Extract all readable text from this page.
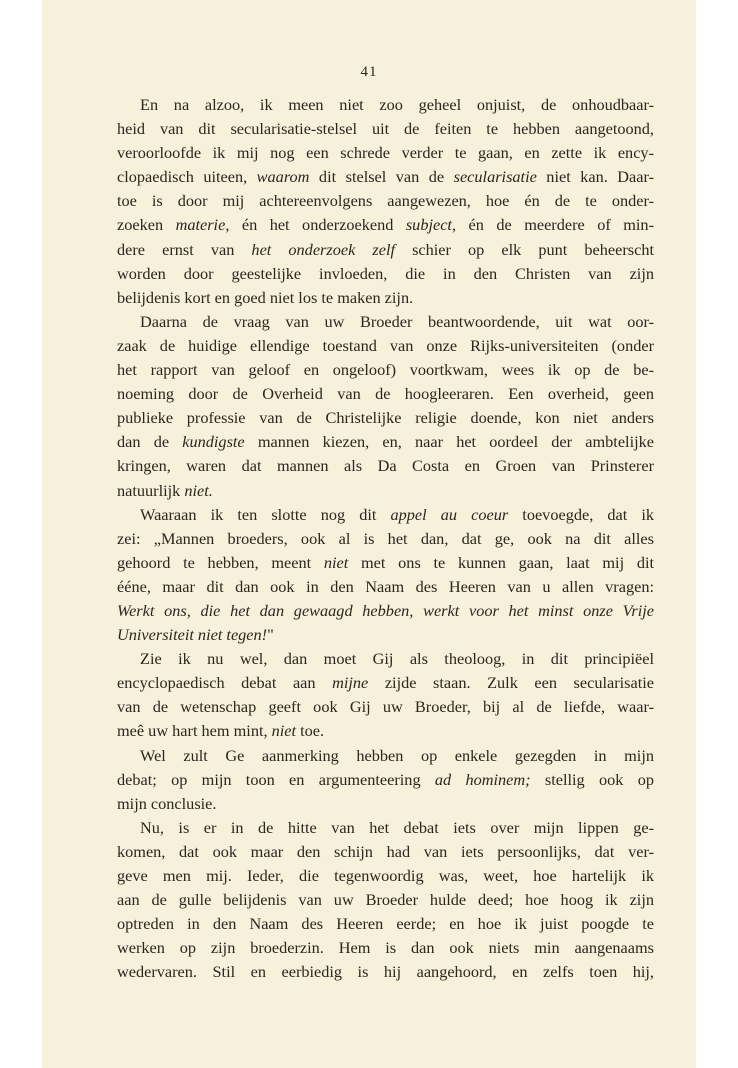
41
En na alzoo, ik meen niet zoo geheel onjuist, de onhoudbaar-
heid van dit secularisatie-stelsel uit de feiten te hebben aangetoond,
veroorloofde ik mij nog een schrede verder te gaan, en zette ik ency-
clopaedisch uiteen, waarom dit stelsel van de secularisatie niet kan. Daar-
toe is door mij achtereenvolgens aangewezen, hoe én de te onder-
zoeken materie, én het onderzoekend subject, én de meerdere of min-
dere ernst van het onderzoek zelf schier op elk punt beheerscht
worden door geestelijke invloeden, die in den Christen van zijn
belijdenis kort en goed niet los te maken zijn.
Daarna de vraag van uw Broeder beantwoordende, uit wat oor-
zaak de huidige ellendige toestand van onze Rijks-universiteiten (onder
het rapport van geloof en ongeloof) voortkwam, wees ik op de be-
noeming door de Overheid van de hoogleeraren. Een overheid, geen
publieke professie van de Christelijke religie doende, kon niet anders
dan de kundigste mannen kiezen, en, naar het oordeel der ambtelijke
kringen, waren dat mannen als Da Costa en Groen van Prinsterer
natuurlijk niet.
Waaraan ik ten slotte nog dit appel au coeur toevoegde, dat ik
zei: „Mannen broeders, ook al is het dan, dat ge, ook na dit alles
gehoord te hebben, meent niet met ons te kunnen gaan, laat mij dit
ééne, maar dit dan ook in den Naam des Heeren van u allen vragen:
Werkt ons, die het dan gewaagd hebben, werkt voor het minst onze Vrije
Universiteit niet tegen!"
Zie ik nu wel, dan moet Gij als theoloog, in dit principiëel
encyclopaedisch debat aan mijne zijde staan. Zulk een secularisatie
van de wetenschap geeft ook Gij uw Broeder, bij al de liefde, waar-
meê uw hart hem mint, niet toe.
Wel zult Ge aanmerking hebben op enkele gezegden in mijn
debat; op mijn toon en argumenteering ad hominem; stellig ook op
mijn conclusie.
Nu, is er in de hitte van het debat iets over mijn lippen ge-
komen, dat ook maar den schijn had van iets persoonlijks, dat ver-
geve men mij. Ieder, die tegenwoordig was, weet, hoe hartelijk ik
aan de gulle belijdenis van uw Broeder hulde deed; hoe hoog ik zijn
optreden in den Naam des Heeren eerde; en hoe ik juist poogde te
werken op zijn broederzin. Hem is dan ook niets min aangenaams
wedervaren. Stil en eerbiedig is hij aangehoord, en zelfs toen hij,
